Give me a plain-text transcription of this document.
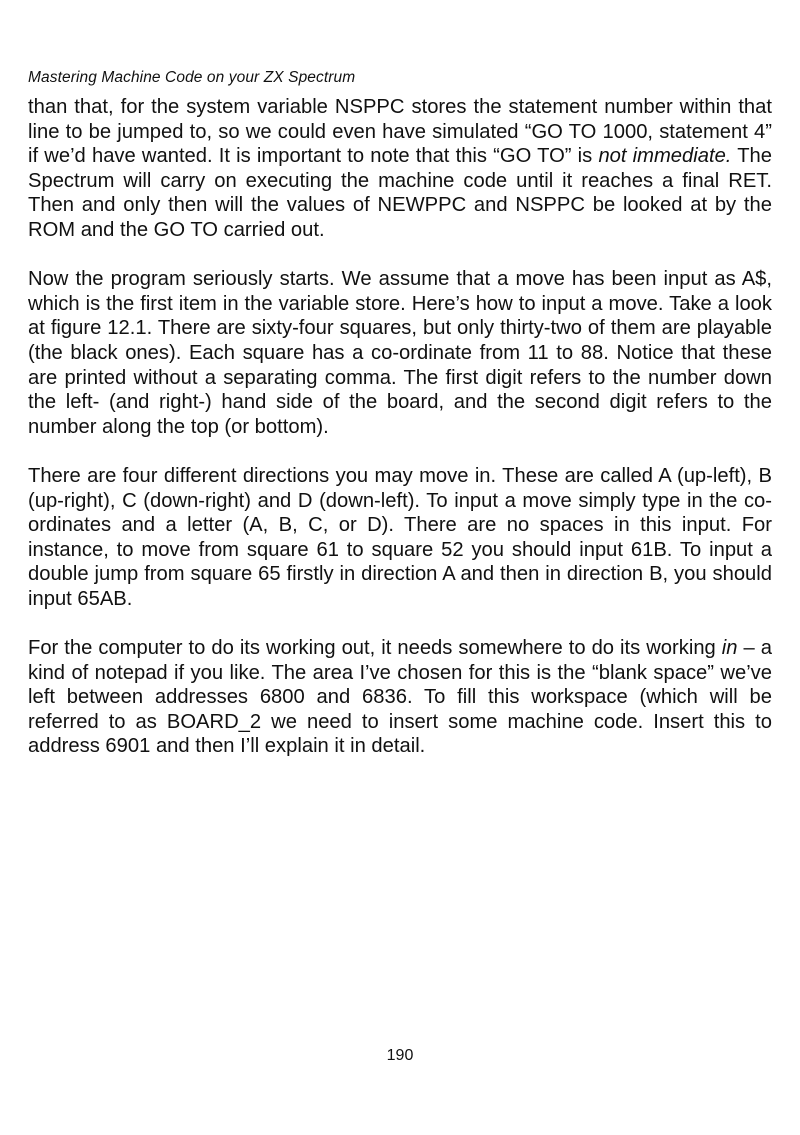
Mastering Machine Code on your ZX Spectrum

than that, for the system variable NSPPC stores the statement number within that line to be jumped to, so we could even have simulated “GO TO 1000, statement 4” if we’d have wanted. It is important to note that this “GO TO” is not immediate. The Spectrum will carry on executing the machine code until it reaches a final RET. Then and only then will the values of NEWPPC and NSPPC be looked at by the ROM and the GO TO carried out.

Now the program seriously starts. We assume that a move has been input as A$, which is the first item in the variable store. Here’s how to input a move. Take a look at figure 12.1. There are sixty-four squares, but only thirty-two of them are playable (the black ones). Each square has a co-ordinate from 11 to 88. Notice that these are printed without a separating comma. The first digit refers to the number down the left- (and right-) hand side of the board, and the second digit refers to the number along the top (or bottom).

There are four different directions you may move in. These are called A (up-left), B (up-right), C (down-right) and D (down-left). To input a move simply type in the co-ordinates and a letter (A, B, C, or D). There are no spaces in this input. For instance, to move from square 61 to square 52 you should input 61B. To input a double jump from square 65 firstly in direction A and then in direction B, you should input 65AB.

For the computer to do its working out, it needs somewhere to do its working in – a kind of notepad if you like. The area I’ve chosen for this is the “blank space” we’ve left between addresses 6800 and 6836. To fill this workspace (which will be referred to as BOARD_2 we need to insert some machine code. Insert this to address 6901 and then I’ll explain it in detail.

190
